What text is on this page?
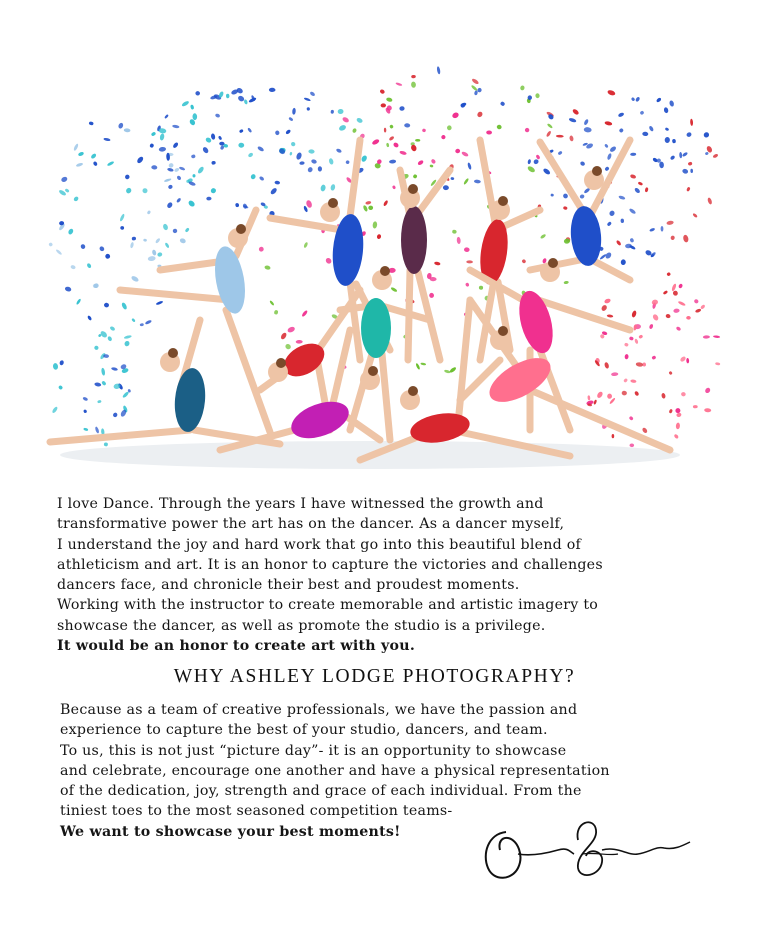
I love Dance. Through the years I have witnessed the growth and
transformative power the art has on the dancer. As a dancer myself,
I understand the joy and hard work that go into this beautiful blend of
athleticism and art. It is an honor to capture the victories and challenges
dancers face, and chronicle their best and proudest moments.
Working with the instructor to create memorable and artistic imagery to
showcase the dancer, as well as promote the studio is a privilege.
It would be an honor to create art with you.
WHY ASHLEY LODGE PHOTOGRAPHY?
Because as a team of creative professionals, we have the passion and
experience to capture the best of your studio, dancers, and team.
To us, this is not just “picture day”- it is an opportunity to showcase
and celebrate, encourage one another and have a physical representation
of the dedication, joy, strength and grace of each individual. From the
tiniest toes to the most seasoned competition teams-
We want to showcase your best moments!
